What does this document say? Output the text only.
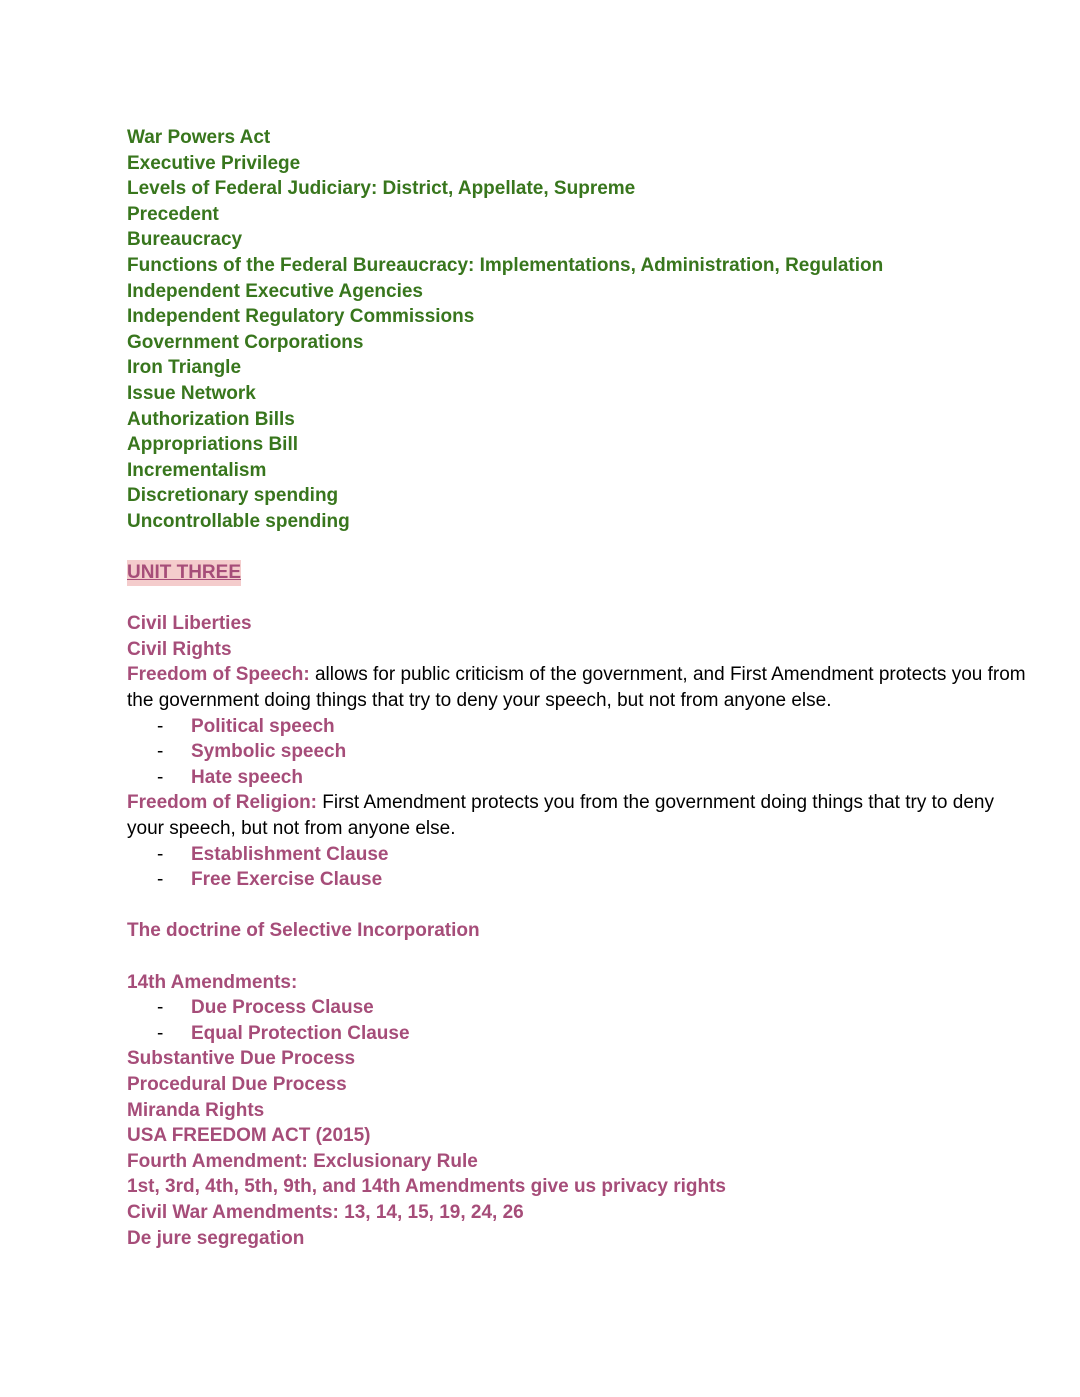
War Powers Act
Executive Privilege
Levels of Federal Judiciary: District, Appellate, Supreme
Precedent
Bureaucracy
Functions of the Federal Bureaucracy: Implementations, Administration, Regulation
Independent Executive Agencies
Independent Regulatory Commissions
Government Corporations
Iron Triangle
Issue Network
Authorization Bills
Appropriations Bill
Incrementalism
Discretionary spending
Uncontrollable spending
UNIT THREE
Civil Liberties
Civil Rights
Freedom of Speech: allows for public criticism of the government, and First Amendment protects you from the government doing things that try to deny your speech, but not from anyone else.
- Political speech
- Symbolic speech
- Hate speech
Freedom of Religion: First Amendment protects you from the government doing things that try to deny your speech, but not from anyone else.
- Establishment Clause
- Free Exercise Clause
The doctrine of Selective Incorporation
14th Amendments:
- Due Process Clause
- Equal Protection Clause
Substantive Due Process
Procedural Due Process
Miranda Rights
USA FREEDOM ACT (2015)
Fourth Amendment: Exclusionary Rule
1st, 3rd, 4th, 5th, 9th, and 14th Amendments give us privacy rights
Civil War Amendments: 13, 14, 15, 19, 24, 26
De jure segregation
